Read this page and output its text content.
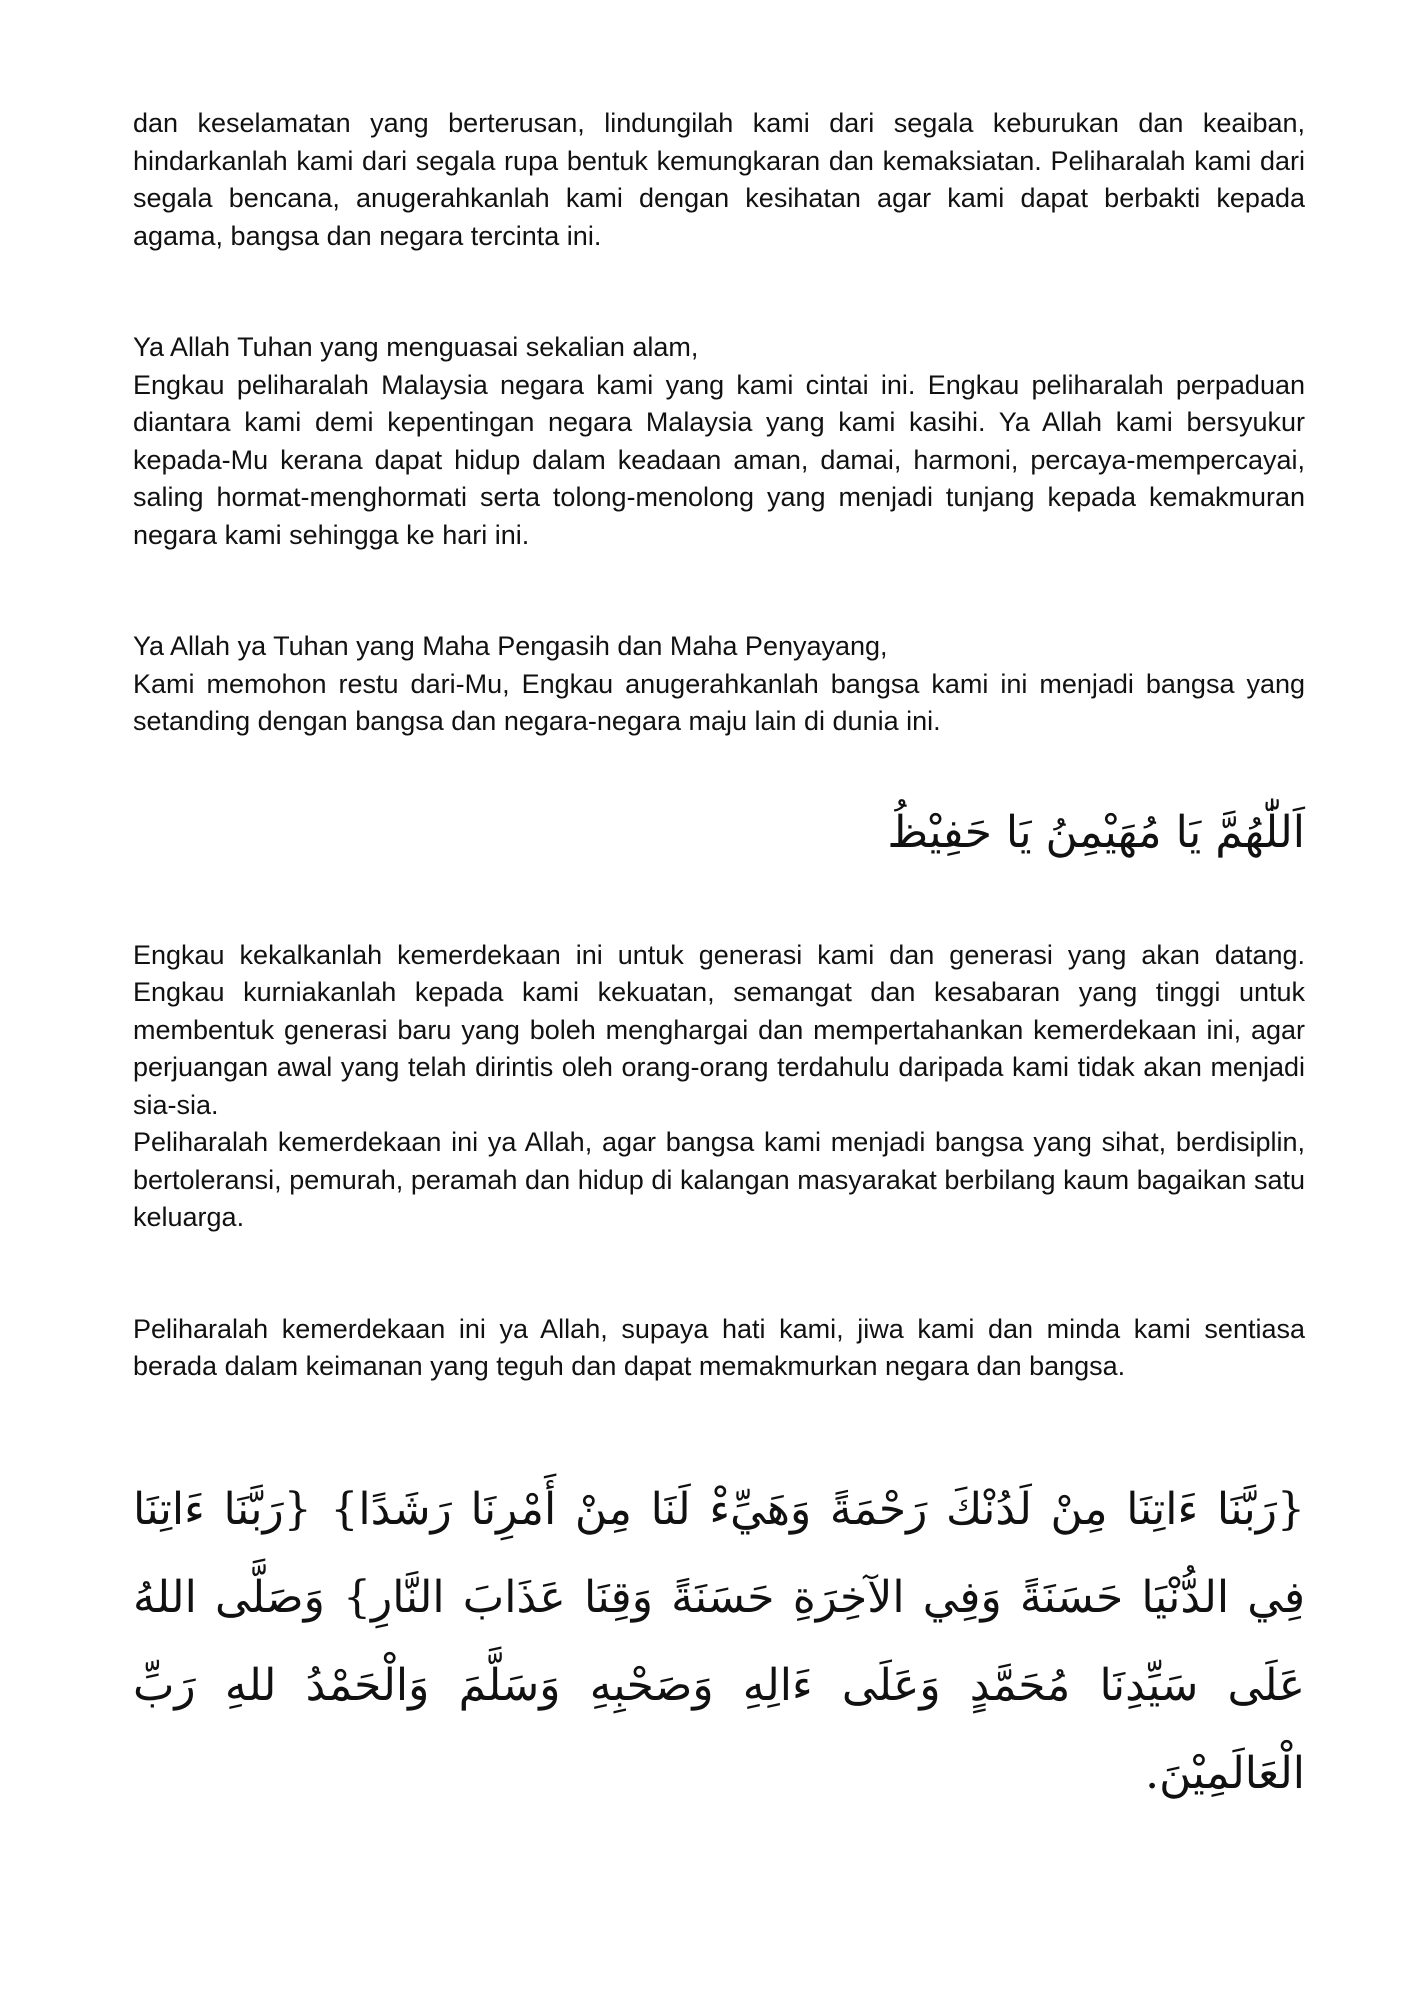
dan keselamatan yang berterusan, lindungilah kami dari segala keburukan dan keaiban, hindarkanlah kami dari segala rupa bentuk kemungkaran dan kemaksiatan. Peliharalah kami dari segala bencana, anugerahkanlah kami dengan kesihatan agar kami dapat berbakti kepada agama, bangsa dan negara tercinta ini.

Ya Allah Tuhan yang menguasai sekalian alam,
Engkau peliharalah Malaysia negara kami yang kami cintai ini. Engkau peliharalah perpaduan diantara kami demi kepentingan negara Malaysia yang kami kasihi. Ya Allah kami bersyukur kepada-Mu kerana dapat hidup dalam keadaan aman, damai, harmoni, percaya-mempercayai, saling hormat-menghormati serta tolong-menolong yang menjadi tunjang kepada kemakmuran negara kami sehingga ke hari ini.

Ya Allah ya Tuhan yang Maha Pengasih dan Maha Penyayang,
Kami memohon restu dari-Mu, Engkau anugerahkanlah bangsa kami ini menjadi bangsa yang setanding dengan bangsa dan negara-negara maju lain di dunia ini.

اَللّٰهُمَّ يَا مُهَيْمِنُ يَا حَفِيْظُ

Engkau kekalkanlah kemerdekaan ini untuk generasi kami dan generasi yang akan datang. Engkau kurniakanlah kepada kami kekuatan, semangat dan kesabaran yang tinggi untuk membentuk generasi baru yang boleh menghargai dan mempertahankan kemerdekaan ini, agar perjuangan awal yang telah dirintis oleh orang-orang terdahulu daripada kami tidak akan menjadi sia-sia.
Peliharalah kemerdekaan ini ya Allah, agar bangsa kami menjadi bangsa yang sihat, berdisiplin, bertoleransi, pemurah, peramah dan hidup di kalangan masyarakat berbilang kaum bagaikan satu keluarga.

Peliharalah kemerdekaan ini ya Allah, supaya hati kami, jiwa kami dan minda kami sentiasa berada dalam keimanan yang teguh dan dapat memakmurkan negara dan bangsa.

{رَبَّنَا ءَاتِنَا مِنْ لَدُنْكَ رَحْمَةً وَهَيِّءْ لَنَا مِنْ أَمْرِنَا رَشَدًا} {رَبَّنَا ءَاتِنَا فِي الدُّنْيَا حَسَنَةً وَفِي الآخِرَةِ حَسَنَةً وَقِنَا عَذَابَ النَّارِ} وَصَلَّى اللهُ عَلَى سَيِّدِنَا مُحَمَّدٍ وَعَلَى ءَالِهِ وَصَحْبِهِ وَسَلَّمَ وَالْحَمْدُ للهِ رَبِّ الْعَالَمِيْنَ.
